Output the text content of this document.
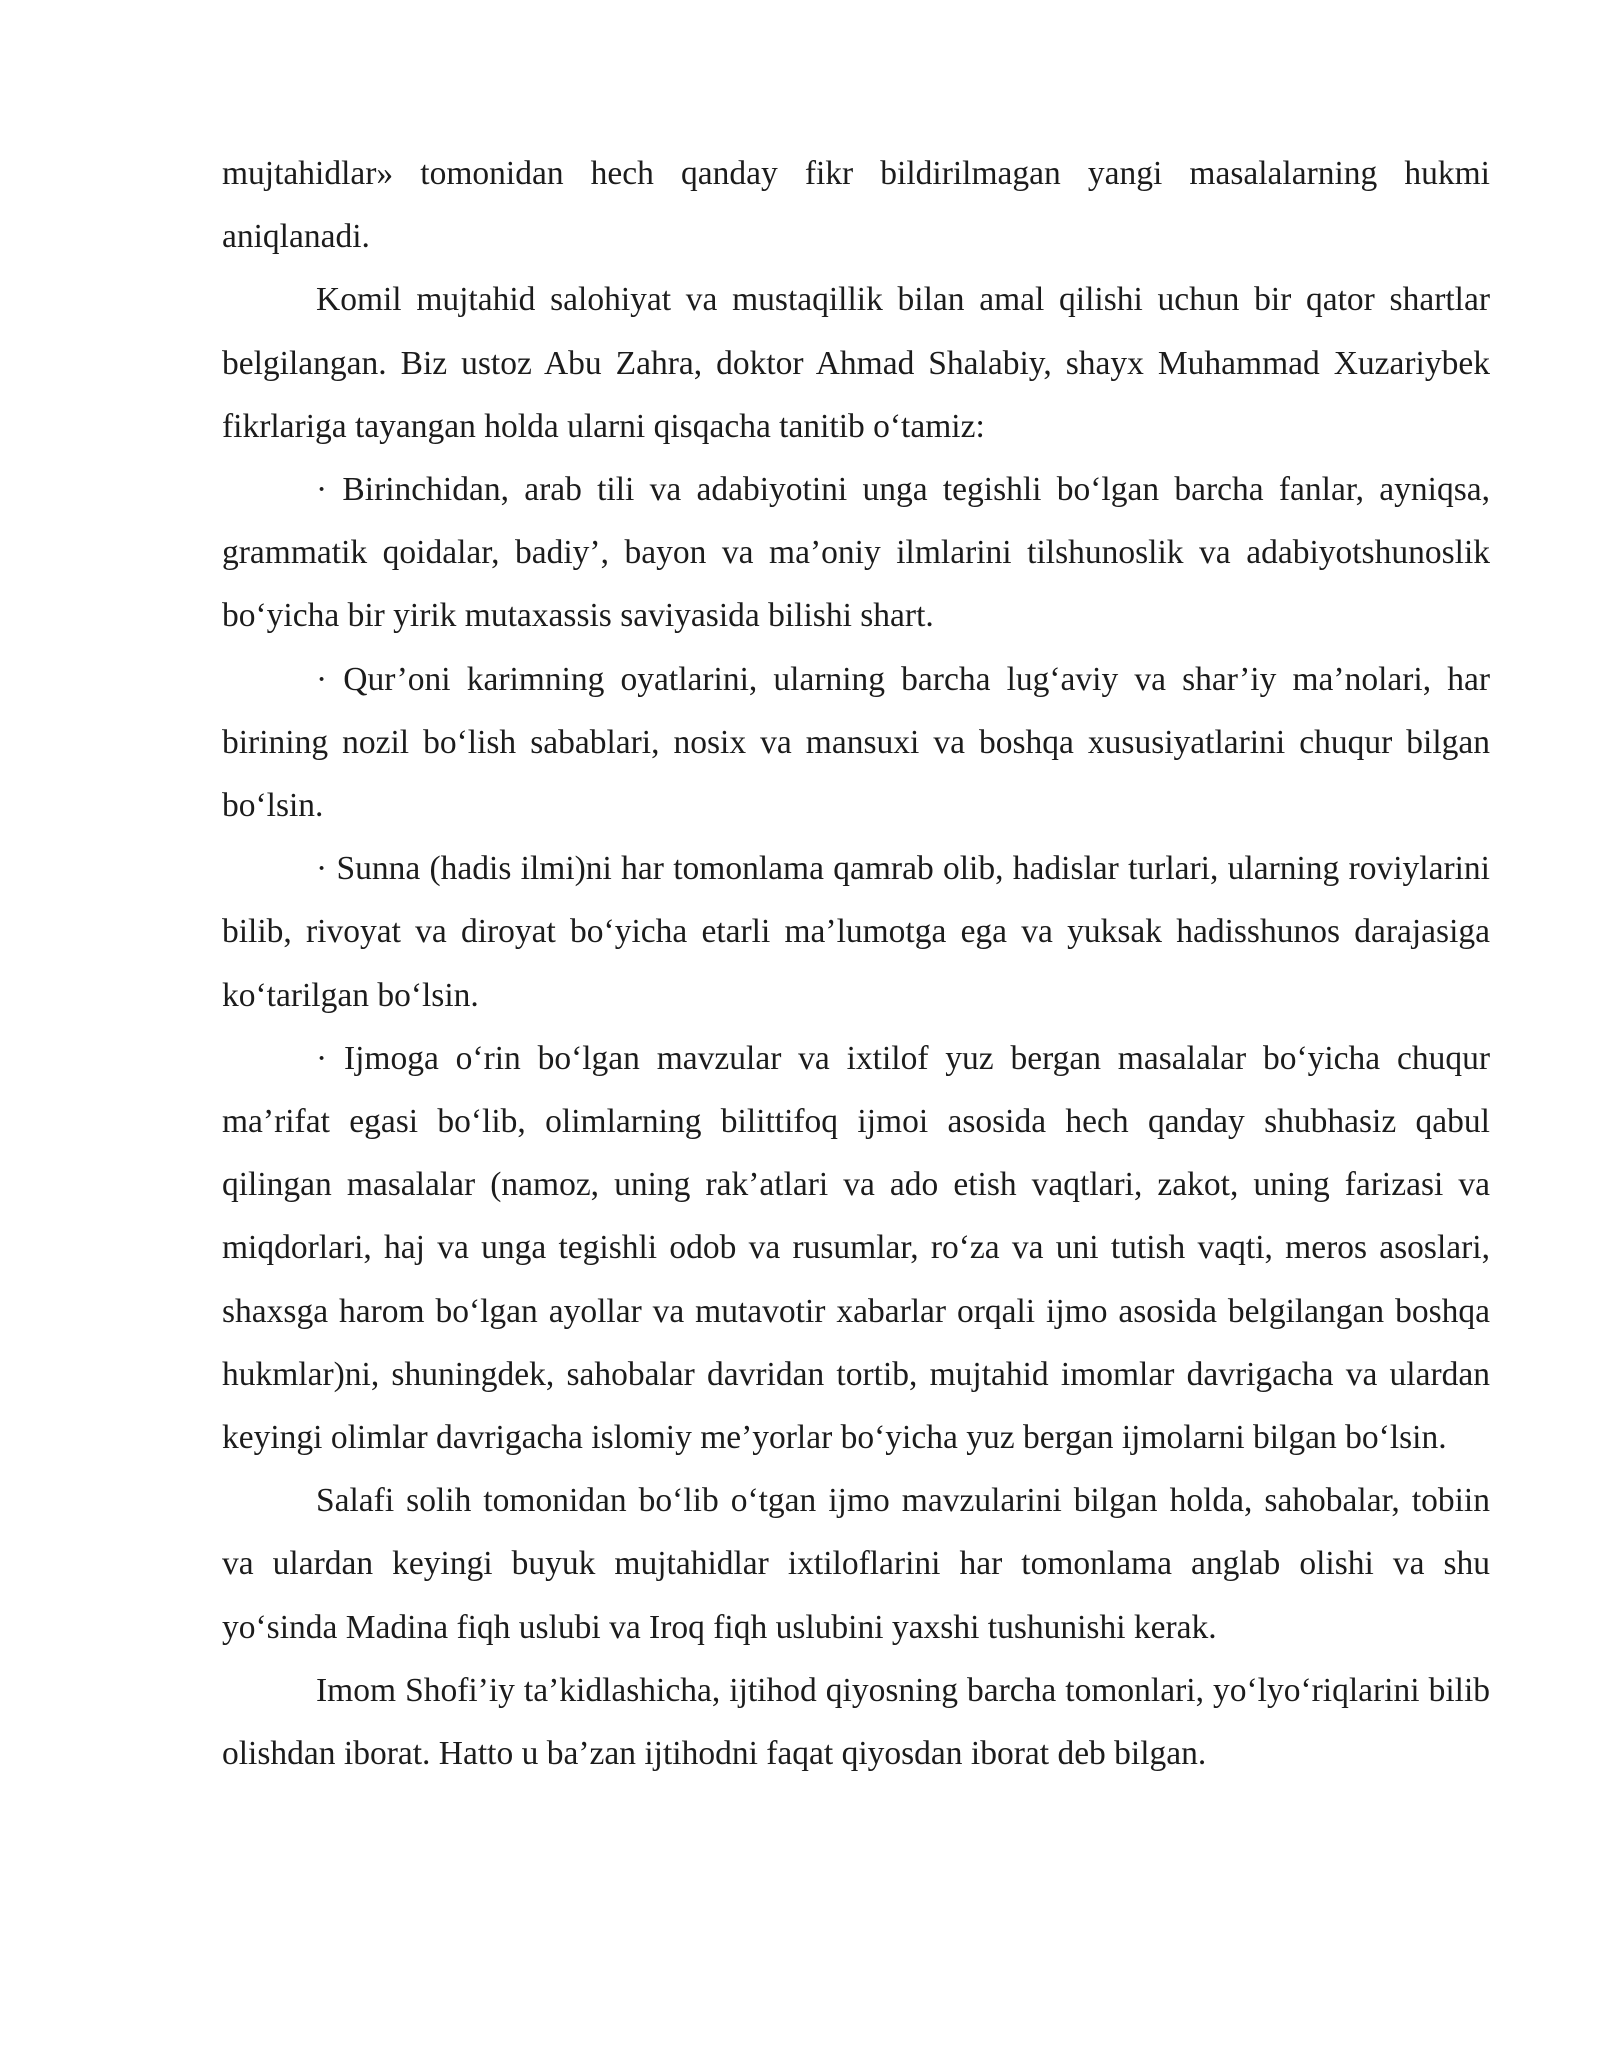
mujtahidlar» tomonidan hech qanday fikr bildirilmagan yangi masalalarning hukmi aniqlanadi.

Komil mujtahid salohiyat va mustaqillik bilan amal qilishi uchun bir qator shartlar belgilangan. Biz ustoz Abu Zahra, doktor Ahmad Shalabiy, shayx Muhammad Xuzariybek fikrlariga tayangan holda ularni qisqacha tanitib o‘tamiz:

· Birinchidan, arab tili va adabiyotini unga tegishli bo‘lgan barcha fanlar, ayniqsa, grammatik qoidalar, badiy’, bayon va ma’oniy ilmlarini tilshunoslik va adabiyotshunoslik bo‘yicha bir yirik mutaxassis saviyasida bilishi shart.

· Qur’oni karimning oyatlarini, ularning barcha lug‘aviy va shar’iy ma’nolari, har birining nozil bo‘lish sabablari, nosix va mansuxi va boshqa xususiyatlarini chuqur bilgan bo‘lsin.

· Sunna (hadis ilmi)ni har tomonlama qamrab olib, hadislar turlari, ularning roviylarini bilib, rivoyat va diroyat bo‘yicha etarli ma’lumotga ega va yuksak hadisshunos darajasiga ko‘tarilgan bo‘lsin.

· Ijmoga o‘rin bo‘lgan mavzular va ixtilof yuz bergan masalalar bo‘yicha chuqur ma’rifat egasi bo‘lib, olimlarning bilittifoq ijmoi asosida hech qanday shubhasiz qabul qilingan masalalar (namoz, uning rak’atlari va ado etish vaqtlari, zakot, uning farizasi va miqdorlari, haj va unga tegishli odob va rusumlar, ro‘za va uni tutish vaqti, meros asoslari, shaxsga harom bo‘lgan ayollar va mutavotir xabarlar orqali ijmo asosida belgilangan boshqa hukmlar)ni, shuningdek, sahobalar davridan tortib, mujtahid imomlar davrigacha va ulardan keyingi olimlar davrigacha islomiy me’yorlar bo‘yicha yuz bergan ijmolarni bilgan bo‘lsin.

Salafi solih tomonidan bo‘lib o‘tgan ijmo mavzularini bilgan holda, sahobalar, tobiin va ulardan keyingi buyuk mujtahidlar ixtiloflarini har tomonlama anglab olishi va shu yo‘sinda Madina fiqh uslubi va Iroq fiqh uslubini yaxshi tushunishi kerak.

Imom Shofi’iy ta’kidlashicha, ijtihod qiyosning barcha tomonlari, yo‘lyo‘riqlarini bilib olishdan iborat. Hatto u ba’zan ijtihodni faqat qiyosdan iborat deb bilgan.
